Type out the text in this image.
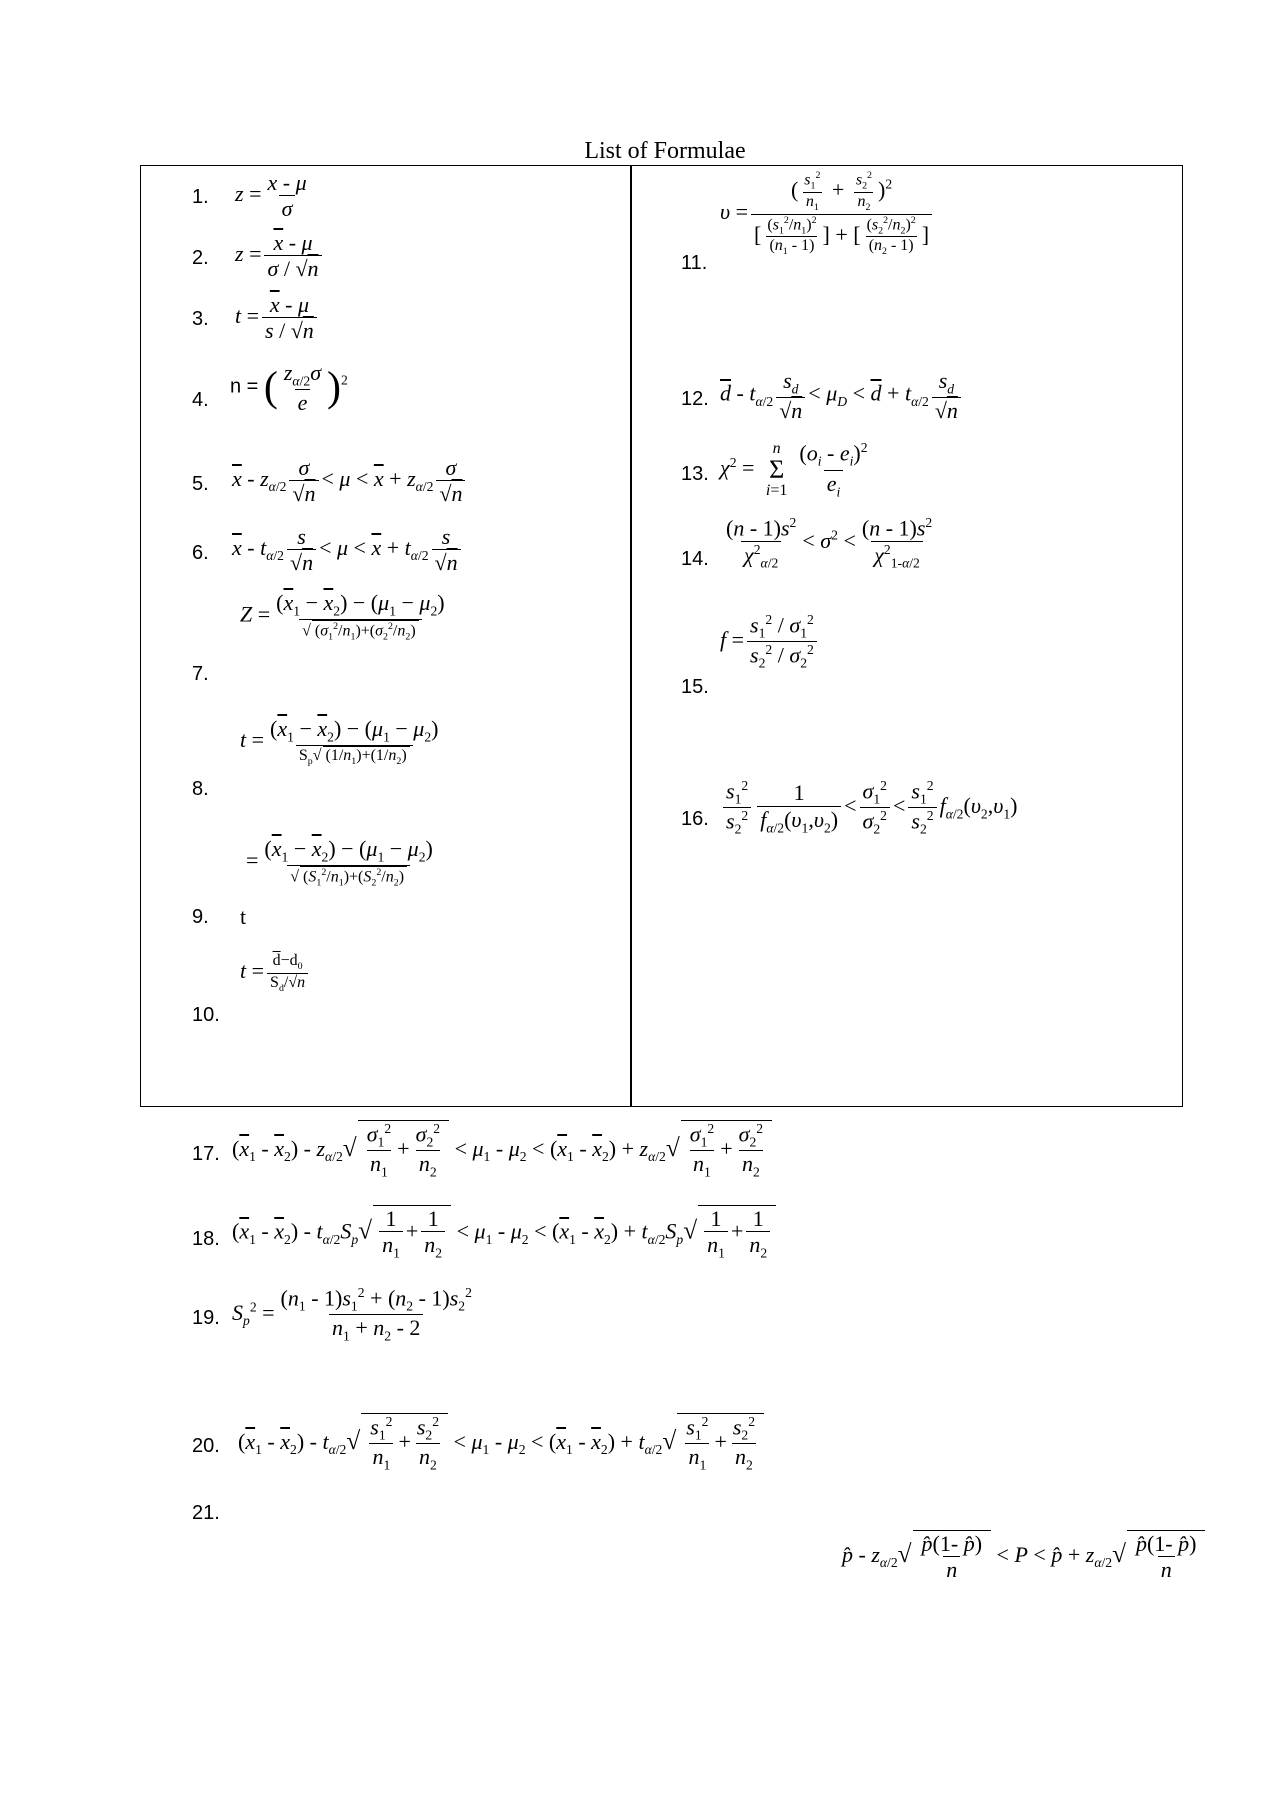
List of Formulae
1. $z = \frac{x - \mu}{\sigma}$
2. $z = \frac{\overline{x} - \mu}{\sigma / √n}$
3. $t = \frac{\overline{x} - \mu}{s / √n}$
4.
n = ( $\frac{z_{\alpha/2}\sigma}{e} )^2$
5. $\overline{x} - z_{\alpha/2} \frac{\sigma}{√n} < \mu < \overline{x} + z_{\alpha/2} \frac{\sigma}{√n}$
6. $\overline{x} - t_{\alpha/2} \frac{s}{√n} < \mu < \overline{x} + t_{\alpha/2} \frac{s}{√n}$
7.
$Z = \frac{(\overline{x}_1 - \overline{x}_2) - (\mu_1 - \mu_2)}{√ (\sigma_1^2/n_1)+(\sigma_2^2/n_2)}$
8.
$t = \frac{(\overline{x}_1 - \overline{x}_2) - (\mu_1 - \mu_2)}{S_p√ (1/n_1)+(1/n_2)}$
9. t
= $\frac{(\overline{x}_1 - \overline{x}_2) - (\mu_1 - \mu_2)}{√ (S_1^2/n_1)+(S_2^2/n_2)}$
10.
$t = \frac{\overline{d}-d_0}{S_d/√n}$
11.
$\upsilon = \frac{( \frac{s_1^2}{n_1} + \frac{s_2^2}{n_2} )^2}{[ \frac{(s_1^2/n_1)^2}{(n_1 - 1)} ] + [ \frac{(s_2^2/n_2)^2}{(n_2 - 1)} ]}$
12. $\overline{d} - t_{\alpha/2} \frac{s_d}{√n} < \mu_D < \overline{d} + t_{\alpha/2} \frac{s_d}{√n}$
13. $\chi^2$ =
n
Σ
$i=1 \frac{(o_i - e_i)^2}{e_i}$
14. $\frac{(n - 1)s^2}{\chi^2_{\alpha/2}} < \sigma^2 < \frac{(n - 1)s^2}{\chi^2_{1-\alpha/2}}$
15.
$f = \frac{s_1^2 / \sigma_1^2}{s_2^2 / \sigma_2^2}$
16. $\frac{s_1^2}{s_2^2} \frac{1}{f_{\alpha/2}(\upsilon_1,\upsilon_2)} < \frac{\sigma_1^2}{\sigma_2^2} < \frac{s_1^2}{s_2^2} f_{\alpha/2}(\upsilon_2,\upsilon_1)$
17. $(\overline{x}_1 - \overline{x}_2) - z_{\alpha/2}√ \frac{\sigma_1^2}{n_1} + \frac{\sigma_2^2}{n_2} < \mu_1 - \mu_2 < (\overline{x}_1 - \overline{x}_2) + z_{\alpha/2}√ \frac{\sigma_1^2}{n_1} + \frac{\sigma_2^2}{n_2}$
18. $(\overline{x}_1 - \overline{x}_2) - t_{\alpha/2}S_p√ \frac{1}{n_1} + \frac{1}{n_2} < \mu_1 - \mu_2 < (\overline{x}_1 - \overline{x}_2) + t_{\alpha/2}S_p√ \frac{1}{n_1} + \frac{1}{n_2}$
19. $S_p^2 = \frac{(n_1 - 1)s_1^2 + (n_2 - 1)s_2^2}{n_1 + n_2 - 2}$
20. $(\overline{x}_1 - \overline{x}_2) - t_{\alpha/2}√ \frac{s_1^2}{n_1} + \frac{s_2^2}{n_2} < \mu_1 - \mu_2 < (\overline{x}_1 - \overline{x}_2) + t_{\alpha/2}√ \frac{s_1^2}{n_1} + \frac{s_2^2}{n_2}$
21.
p̂ - $z_{\alpha/2}√ \frac{p̂(1- p̂)}{n} < P$ < p̂ + $z_{\alpha/2}√ \frac{p̂(1- p̂)}{n}$
